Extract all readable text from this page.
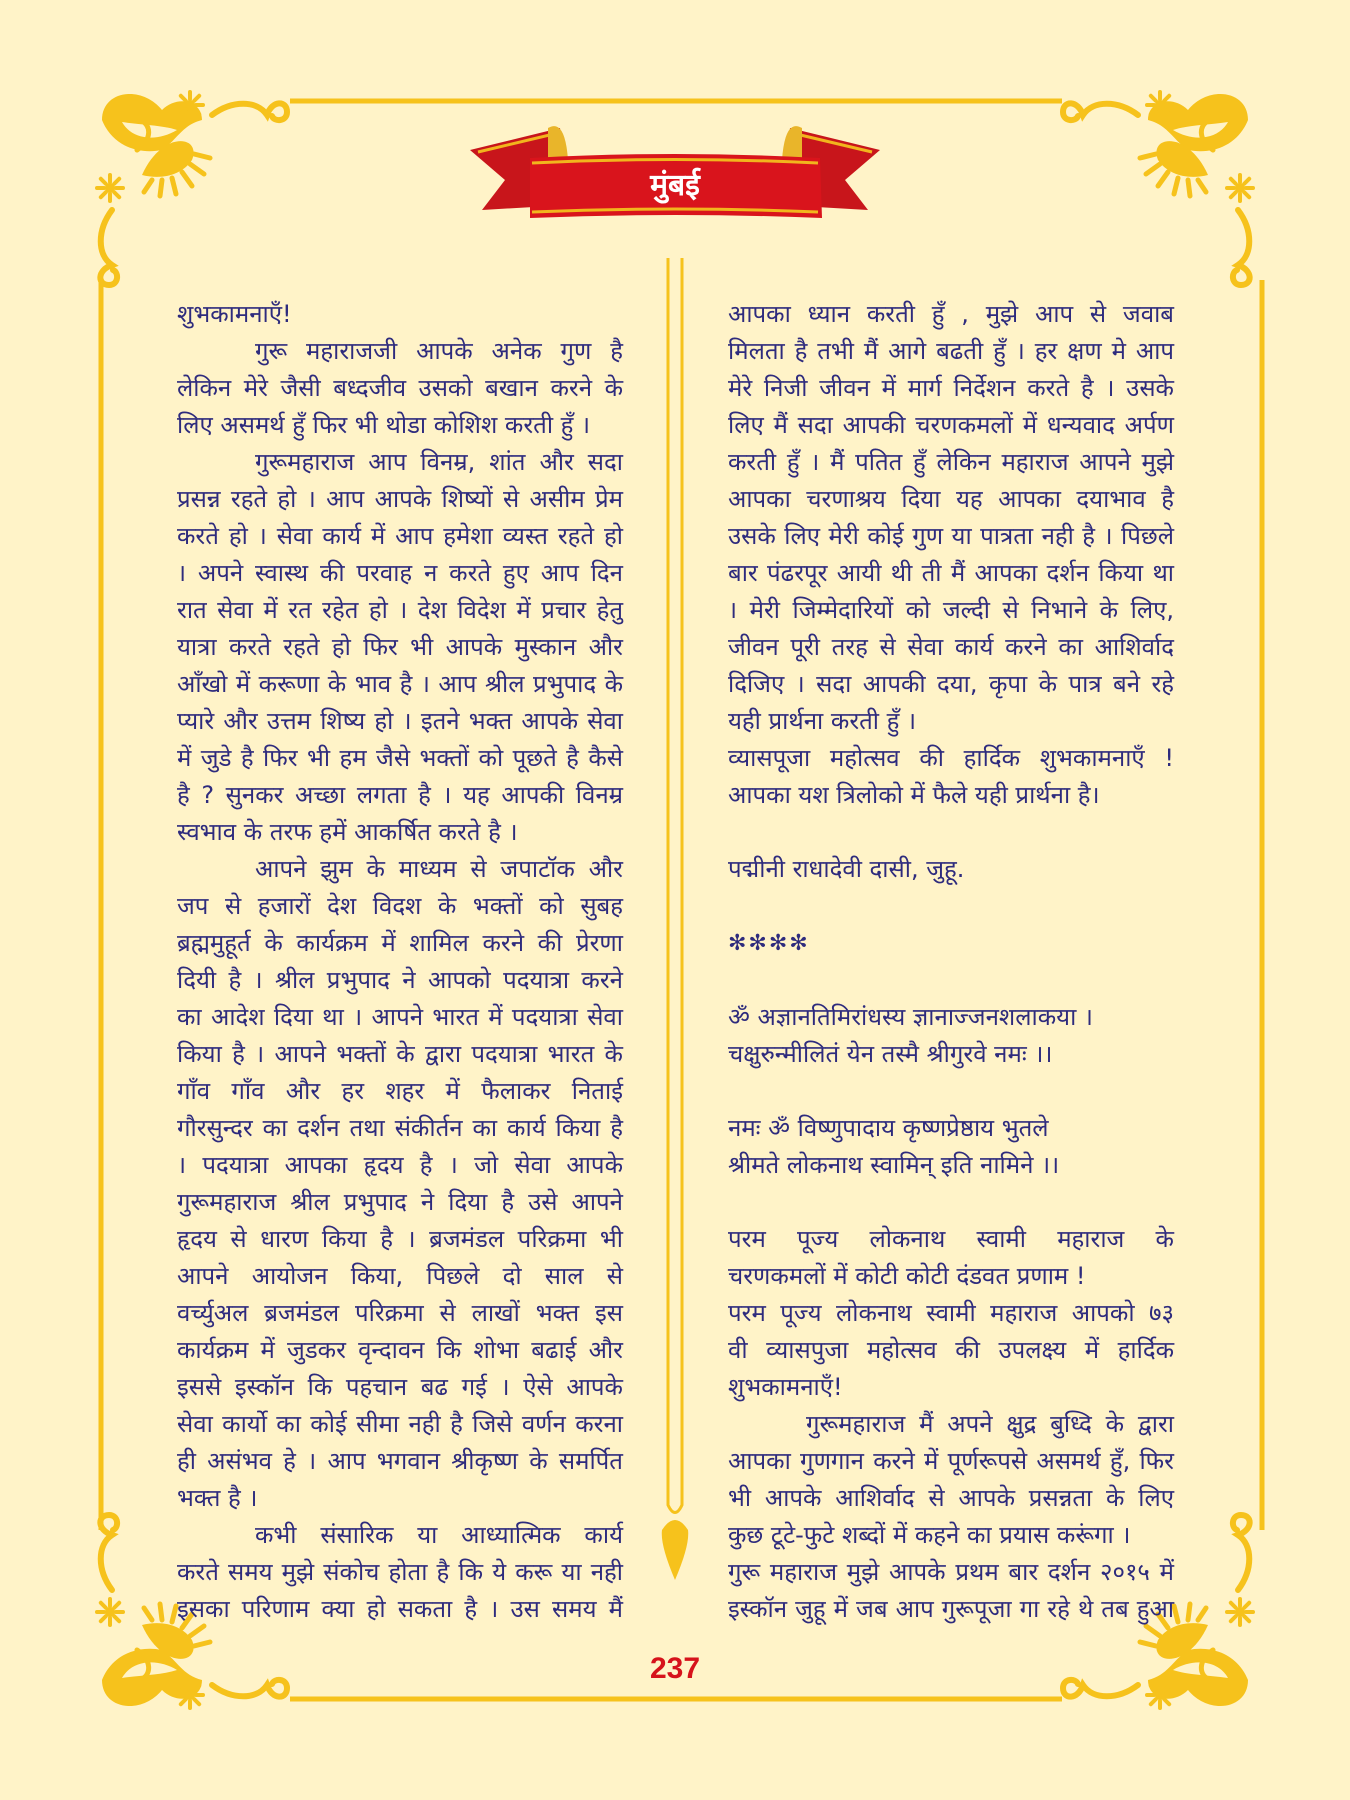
मुंबई
शुभकामनाएँ!
गुरू महाराजजी आपके अनेक गुण है
लेकिन मेरे जैसी बध्दजीव उसको बखान करने के
लिए असमर्थ हुँ फिर भी थोडा कोशिश करती हुँ ।
गुरूमहाराज आप विनम्र, शांत और सदा
प्रसन्न रहते हो । आप आपके शिष्यों से असीम प्रेम
करते हो । सेवा कार्य में आप हमेशा व्यस्त रहते हो
। अपने स्वास्थ की परवाह न करते हुए आप दिन
रात सेवा में रत रहेत हो । देश विदेश में प्रचार हेतु
यात्रा करते रहते हो फिर भी आपके मुस्कान और
आँखो में करूणा के भाव है । आप श्रील प्रभुपाद के
प्यारे और उत्तम शिष्य हो । इतने भक्त आपके सेवा
में जुडे है फिर भी हम जैसे भक्तों को पूछते है कैसे
है ? सुनकर अच्छा लगता है । यह आपकी विनम्र
स्वभाव के तरफ हमें आकर्षित करते है ।
आपने झुम के माध्यम से जपाटॉक और
जप से हजारों देश विदश के भक्तों को सुबह
ब्रह्ममुहूर्त के कार्यक्रम में शामिल करने की प्रेरणा
दियी है । श्रील प्रभुपाद ने आपको पदयात्रा करने
का आदेश दिया था । आपने भारत में पदयात्रा सेवा
किया है । आपने भक्तों के द्वारा पदयात्रा भारत के
गाँव गाँव और हर शहर में फैलाकर निताई
गौरसुन्दर का दर्शन तथा संकीर्तन का कार्य किया है
। पदयात्रा आपका हृदय है । जो सेवा आपके
गुरूमहाराज श्रील प्रभुपाद ने दिया है उसे आपने
हृदय से धारण किया है । ब्रजमंडल परिक्रमा भी
आपने आयोजन किया, पिछले दो साल से
वर्च्युअल ब्रजमंडल परिक्रमा से लाखों भक्त इस
कार्यक्रम में जुडकर वृन्दावन कि शोभा बढाई और
इससे इस्कॉन कि पहचान बढ गई । ऐसे आपके
सेवा कार्यो का कोई सीमा नही है जिसे वर्णन करना
ही असंभव हे । आप भगवान श्रीकृष्ण के समर्पित
भक्त है ।
कभी संसारिक या आध्यात्मिक कार्य
करते समय मुझे संकोच होता है कि ये करू या नही
इसका परिणाम क्या हो सकता है । उस समय मैं
आपका ध्यान करती हुँ , मुझे आप से जवाब
मिलता है तभी मैं आगे बढती हुँ । हर क्षण मे आप
मेरे निजी जीवन में मार्ग निर्देशन करते है । उसके
लिए मैं सदा आपकी चरणकमलों में धन्यवाद अर्पण
करती हुँ । मैं पतित हुँ लेकिन महाराज आपने मुझे
आपका चरणाश्रय दिया यह आपका दयाभाव है
उसके लिए मेरी कोई गुण या पात्रता नही है । पिछले
बार पंढरपूर आयी थी ती मैं आपका दर्शन किया था
। मेरी जिम्मेदारियों को जल्दी से निभाने के लिए,
जीवन पूरी तरह से सेवा कार्य करने का आशिर्वाद
दिजिए । सदा आपकी दया, कृपा के पात्र बने रहे
यही प्रार्थना करती हुँ ।
व्यासपूजा महोत्सव की हार्दिक शुभकामनाएँ !
आपका यश त्रिलोको में फैले यही प्रार्थना है।
पद्मीनी राधादेवी दासी, जुहू.
✻✻✻✻
ॐ अज्ञानतिमिरांधस्य ज्ञानाज्जनशलाकया ।
चक्षुरुन्मीलितं येन तस्मै श्रीगुरवे नमः ।।
नमः ॐ विष्णुपादाय कृष्णप्रेष्ठाय भुतले
श्रीमते लोकनाथ स्वामिन् इति नामिने ।।
परम पूज्य लोकनाथ स्वामी महाराज के
चरणकमलों में कोटी कोटी दंडवत प्रणाम !
परम पूज्य लोकनाथ स्वामी महाराज आपको ७३
वी व्यासपुजा महोत्सव की उपलक्ष्य में हार्दिक
शुभकामनाएँ!
गुरूमहाराज मैं अपने क्षुद्र बुध्दि के द्वारा
आपका गुणगान करने में पूर्णरूपसे असमर्थ हुँ, फिर
भी आपके आशिर्वाद से आपके प्रसन्नता के लिए
कुछ टूटे-फुटे शब्दों में कहने का प्रयास करूंगा ।
गुरू महाराज मुझे आपके प्रथम बार दर्शन २०१५ में
इस्कॉन जुहू में जब आप गुरूपूजा गा रहे थे तब हुआ
237
